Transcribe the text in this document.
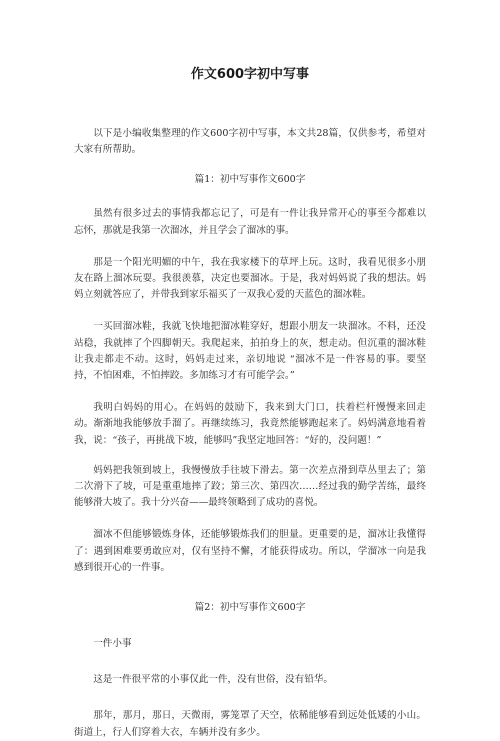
作文600字初中写事

以下是小编收集整理的作文600字初中写事，本文共28篇，仅供参考，希望对大家有所帮助。

篇1：初中写事作文600字

虽然有很多过去的事情我都忘记了，可是有一件让我异常开心的事至今都难以忘怀，那就是我第一次溜冰，并且学会了溜冰的事。

那是一个阳光明媚的中午，我在我家楼下的草坪上玩。这时，我看见很多小朋友在路上溜冰玩耍。我很羡慕，决定也要溜冰。于是，我对妈妈说了我的想法。妈妈立刻就答应了，并带我到家乐福买了一双我心爱的天蓝色的溜冰鞋。

一买回溜冰鞋，我就飞快地把溜冰鞋穿好，想跟小朋友一块溜冰。不料，还没站稳，我就摔了个四脚朝天。我爬起来，拍拍身上的灰，想走动。但沉重的溜冰鞋让我走都走不动。这时，妈妈走过来，亲切地说 “溜冰不是一件容易的事。要坚持，不怕困难，不怕摔跤。多加练习才有可能学会。”

我明白妈妈的用心。在妈妈的鼓励下，我来到大门口，扶着栏杆慢慢来回走动。渐渐地我能够放手溜了。再继续练习，我竟然能够跑起来了。妈妈满意地看着我，说：“孩子，再挑战下坡，能够吗”我坚定地回答：“好的，没问题！”

妈妈把我领到坡上，我慢慢放手往坡下滑去。第一次差点滑到草丛里去了；第二次滑下了坡，可是重重地摔了跤；第三次、第四次……经过我的勤学苦练，最终能够滑大坡了。我十分兴奋——最终领略到了成功的喜悦。

溜冰不但能够锻炼身体，还能够锻炼我们的胆量。更重要的是，溜冰让我懂得了：遇到困难要勇敢应对，仅有坚持不懈，才能获得成功。所以，学溜冰一向是我感到很开心的一件事。

篇2：初中写事作文600字

一件小事

这是一件很平常的小事仅此一件，没有世俗，没有铅华。

那年，那月，那日，天微雨，雾笼罩了天空，依稀能够看到远处低矮的小山。街道上，行人们穿着大衣，车辆并没有多少。
